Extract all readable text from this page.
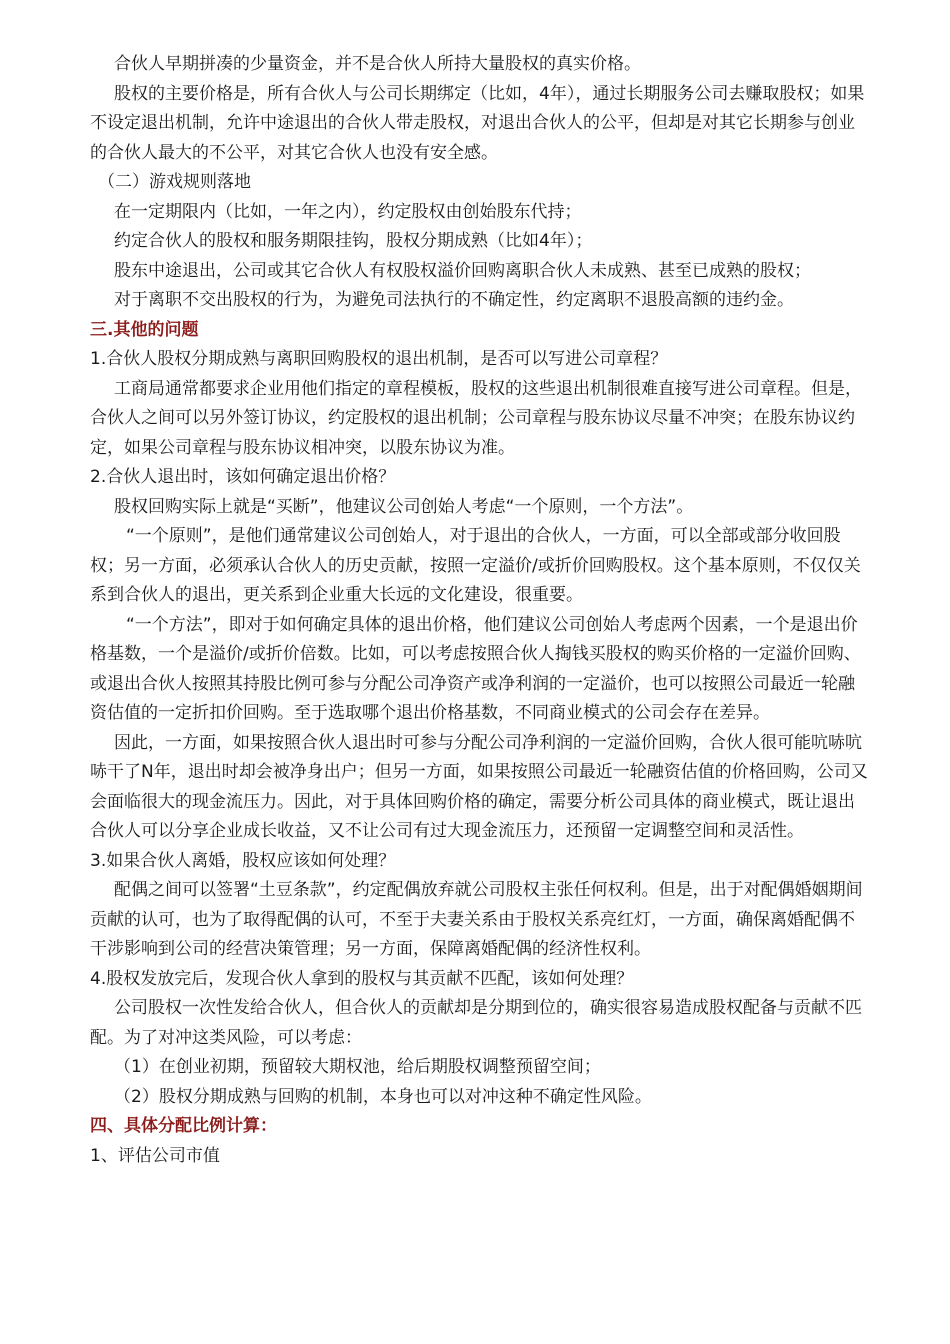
合伙人早期拼凑的少量资金，并不是合伙人所持大量股权的真实价格。

股权的主要价格是，所有合伙人与公司长期绑定（比如，4年），通过长期服务公司去赚取股权；如果不设定退出机制，允许中途退出的合伙人带走股权，对退出合伙人的公平，但却是对其它长期参与创业的合伙人最大的不公平，对其它合伙人也没有安全感。

（二）游戏规则落地

在一定期限内（比如，一年之内），约定股权由创始股东代持；

约定合伙人的股权和服务期限挂钩，股权分期成熟（比如4年）；

股东中途退出，公司或其它合伙人有权股权溢价回购离职合伙人未成熟、甚至已成熟的股权；

对于离职不交出股权的行为，为避免司法执行的不确定性，约定离职不退股高额的违约金。

三.其他的问题

1.合伙人股权分期成熟与离职回购股权的退出机制，是否可以写进公司章程？

工商局通常都要求企业用他们指定的章程模板，股权的这些退出机制很难直接写进公司章程。但是，合伙人之间可以另外签订协议，约定股权的退出机制；公司章程与股东协议尽量不冲突；在股东协议约定，如果公司章程与股东协议相冲突，以股东协议为准。

2.合伙人退出时，该如何确定退出价格？

股权回购实际上就是“买断”，他建议公司创始人考虑“一个原则，一个方法”。

“一个原则”，是他们通常建议公司创始人，对于退出的合伙人，一方面，可以全部或部分收回股权；另一方面，必须承认合伙人的历史贡献，按照一定溢价/或折价回购股权。这个基本原则，不仅仅关系到合伙人的退出，更关系到企业重大长远的文化建设，很重要。

“一个方法”，即对于如何确定具体的退出价格，他们建议公司创始人考虑两个因素，一个是退出价格基数，一个是溢价/或折价倍数。比如，可以考虑按照合伙人掏钱买股权的购买价格的一定溢价回购、或退出合伙人按照其持股比例可参与分配公司净资产或净利润的一定溢价，也可以按照公司最近一轮融资估值的一定折扣价回购。至于选取哪个退出价格基数，不同商业模式的公司会存在差异。

因此，一方面，如果按照合伙人退出时可参与分配公司净利润的一定溢价回购，合伙人很可能吭哧吭哧干了N年，退出时却会被净身出户；但另一方面，如果按照公司最近一轮融资估值的价格回购，公司又会面临很大的现金流压力。因此，对于具体回购价格的确定，需要分析公司具体的商业模式，既让退出合伙人可以分享企业成长收益，又不让公司有过大现金流压力，还预留一定调整空间和灵活性。

3.如果合伙人离婚，股权应该如何处理？

配偶之间可以签署“土豆条款”，约定配偶放弃就公司股权主张任何权利。但是，出于对配偶婚姻期间贡献的认可，也为了取得配偶的认可，不至于夫妻关系由于股权关系亮红灯，一方面，确保离婚配偶不干涉影响到公司的经营决策管理；另一方面，保障离婚配偶的经济性权利。

4.股权发放完后，发现合伙人拿到的股权与其贡献不匹配，该如何处理？

公司股权一次性发给合伙人，但合伙人的贡献却是分期到位的，确实很容易造成股权配备与贡献不匹配。为了对冲这类风险，可以考虑：

（1）在创业初期，预留较大期权池，给后期股权调整预留空间；

（2）股权分期成熟与回购的机制，本身也可以对冲这种不确定性风险。

四、具体分配比例计算：

1、评估公司市值
